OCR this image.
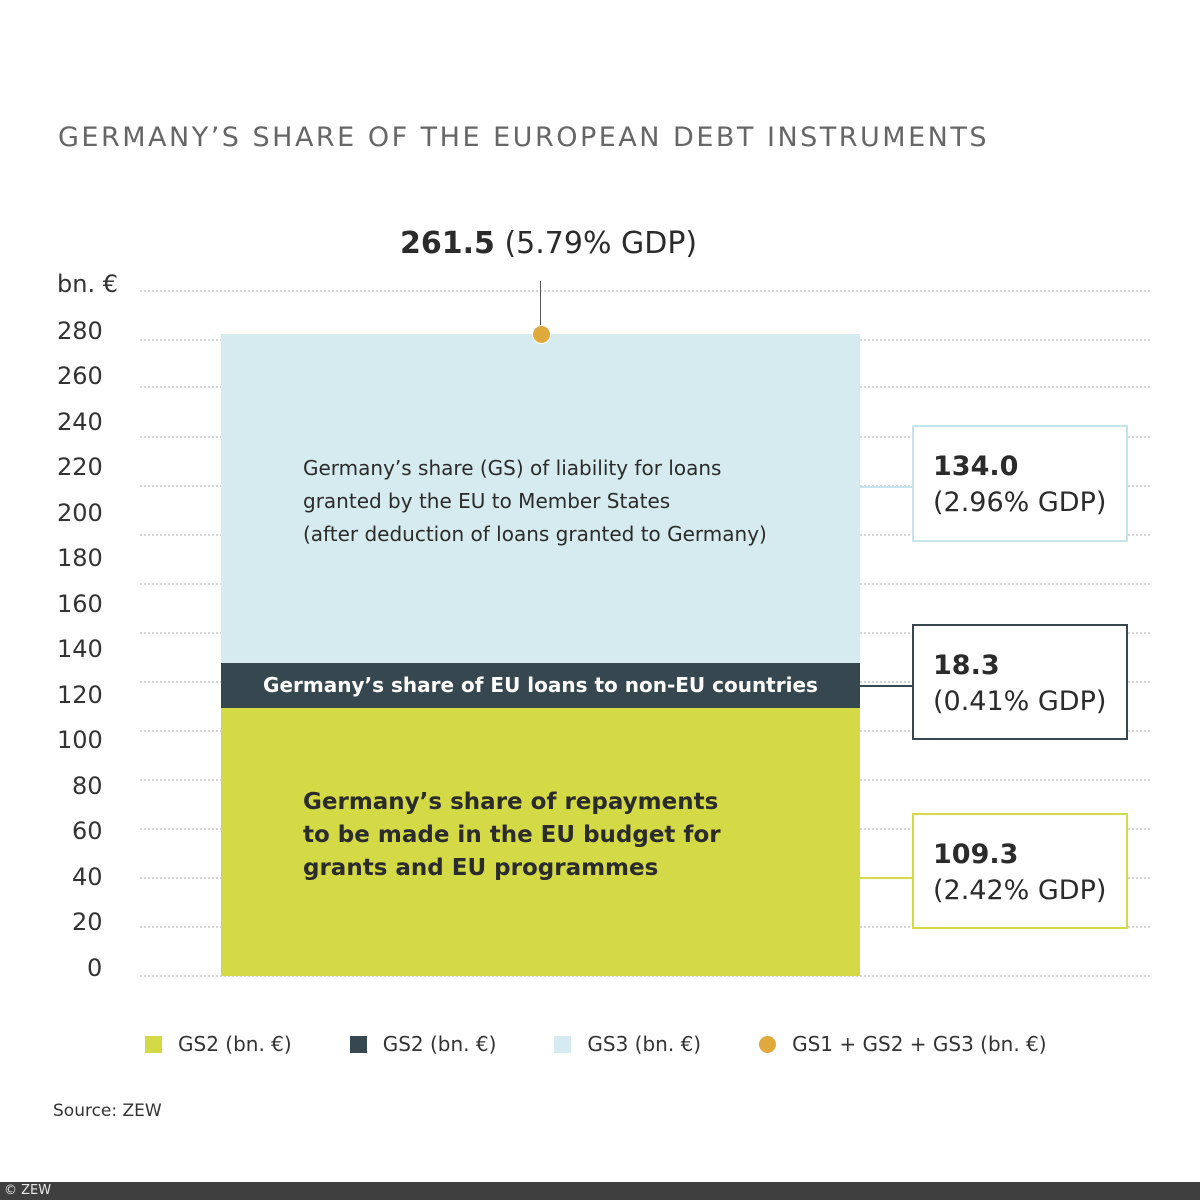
GERMANY’S SHARE OF THE EUROPEAN DEBT INSTRUMENTS
261.5 (5.79% GDP)
bn. €
280
260
240
220
200
180
160
140
120
100
80
60
40
20
0
Germany’s share (GS) of liability for loans
granted by the EU to Member States
(after deduction of loans granted to Germany)
Germany’s share of EU loans to non-EU countries
Germany’s share of repayments
to be made in the EU budget for
grants and EU programmes
134.0
(2.96% GDP)
18.3
(0.41% GDP)
109.3
(2.42% GDP)
GS2 (bn. €)	GS2 (bn. €)	GS3 (bn. €)	GS1 + GS2 + GS3 (bn. €)
Source: ZEW
© ZEW
